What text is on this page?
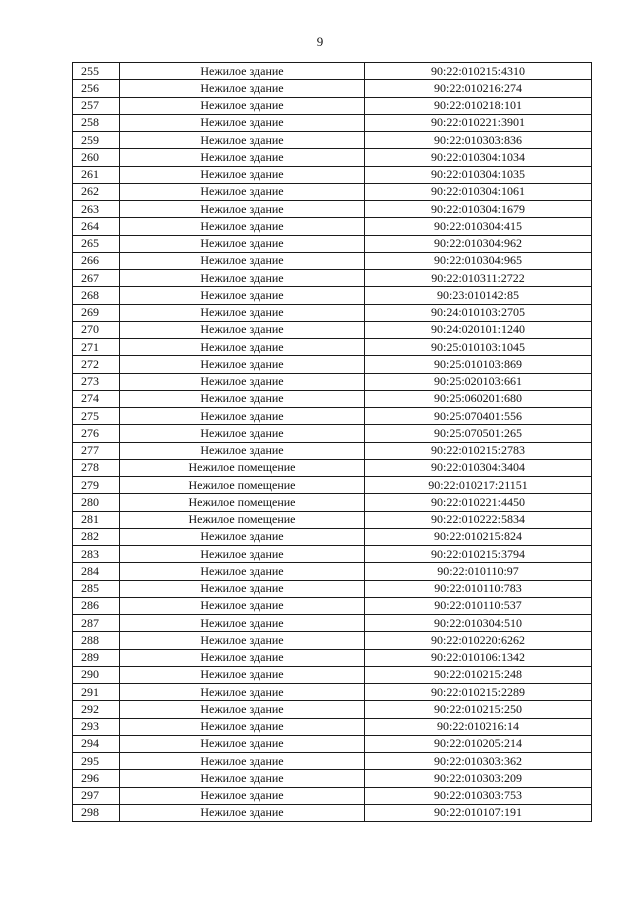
9
255	Нежилое здание	90:22:010215:4310
256	Нежилое здание	90:22:010216:274
257	Нежилое здание	90:22:010218:101
258	Нежилое здание	90:22:010221:3901
259	Нежилое здание	90:22:010303:836
260	Нежилое здание	90:22:010304:1034
261	Нежилое здание	90:22:010304:1035
262	Нежилое здание	90:22:010304:1061
263	Нежилое здание	90:22:010304:1679
264	Нежилое здание	90:22:010304:415
265	Нежилое здание	90:22:010304:962
266	Нежилое здание	90:22:010304:965
267	Нежилое здание	90:22:010311:2722
268	Нежилое здание	90:23:010142:85
269	Нежилое здание	90:24:010103:2705
270	Нежилое здание	90:24:020101:1240
271	Нежилое здание	90:25:010103:1045
272	Нежилое здание	90:25:010103:869
273	Нежилое здание	90:25:020103:661
274	Нежилое здание	90:25:060201:680
275	Нежилое здание	90:25:070401:556
276	Нежилое здание	90:25:070501:265
277	Нежилое здание	90:22:010215:2783
278	Нежилое помещение	90:22:010304:3404
279	Нежилое помещение	90:22:010217:21151
280	Нежилое помещение	90:22:010221:4450
281	Нежилое помещение	90:22:010222:5834
282	Нежилое здание	90:22:010215:824
283	Нежилое здание	90:22:010215:3794
284	Нежилое здание	90:22:010110:97
285	Нежилое здание	90:22:010110:783
286	Нежилое здание	90:22:010110:537
287	Нежилое здание	90:22:010304:510
288	Нежилое здание	90:22:010220:6262
289	Нежилое здание	90:22:010106:1342
290	Нежилое здание	90:22:010215:248
291	Нежилое здание	90:22:010215:2289
292	Нежилое здание	90:22:010215:250
293	Нежилое здание	90:22:010216:14
294	Нежилое здание	90:22:010205:214
295	Нежилое здание	90:22:010303:362
296	Нежилое здание	90:22:010303:209
297	Нежилое здание	90:22:010303:753
298	Нежилое здание	90:22:010107:191
